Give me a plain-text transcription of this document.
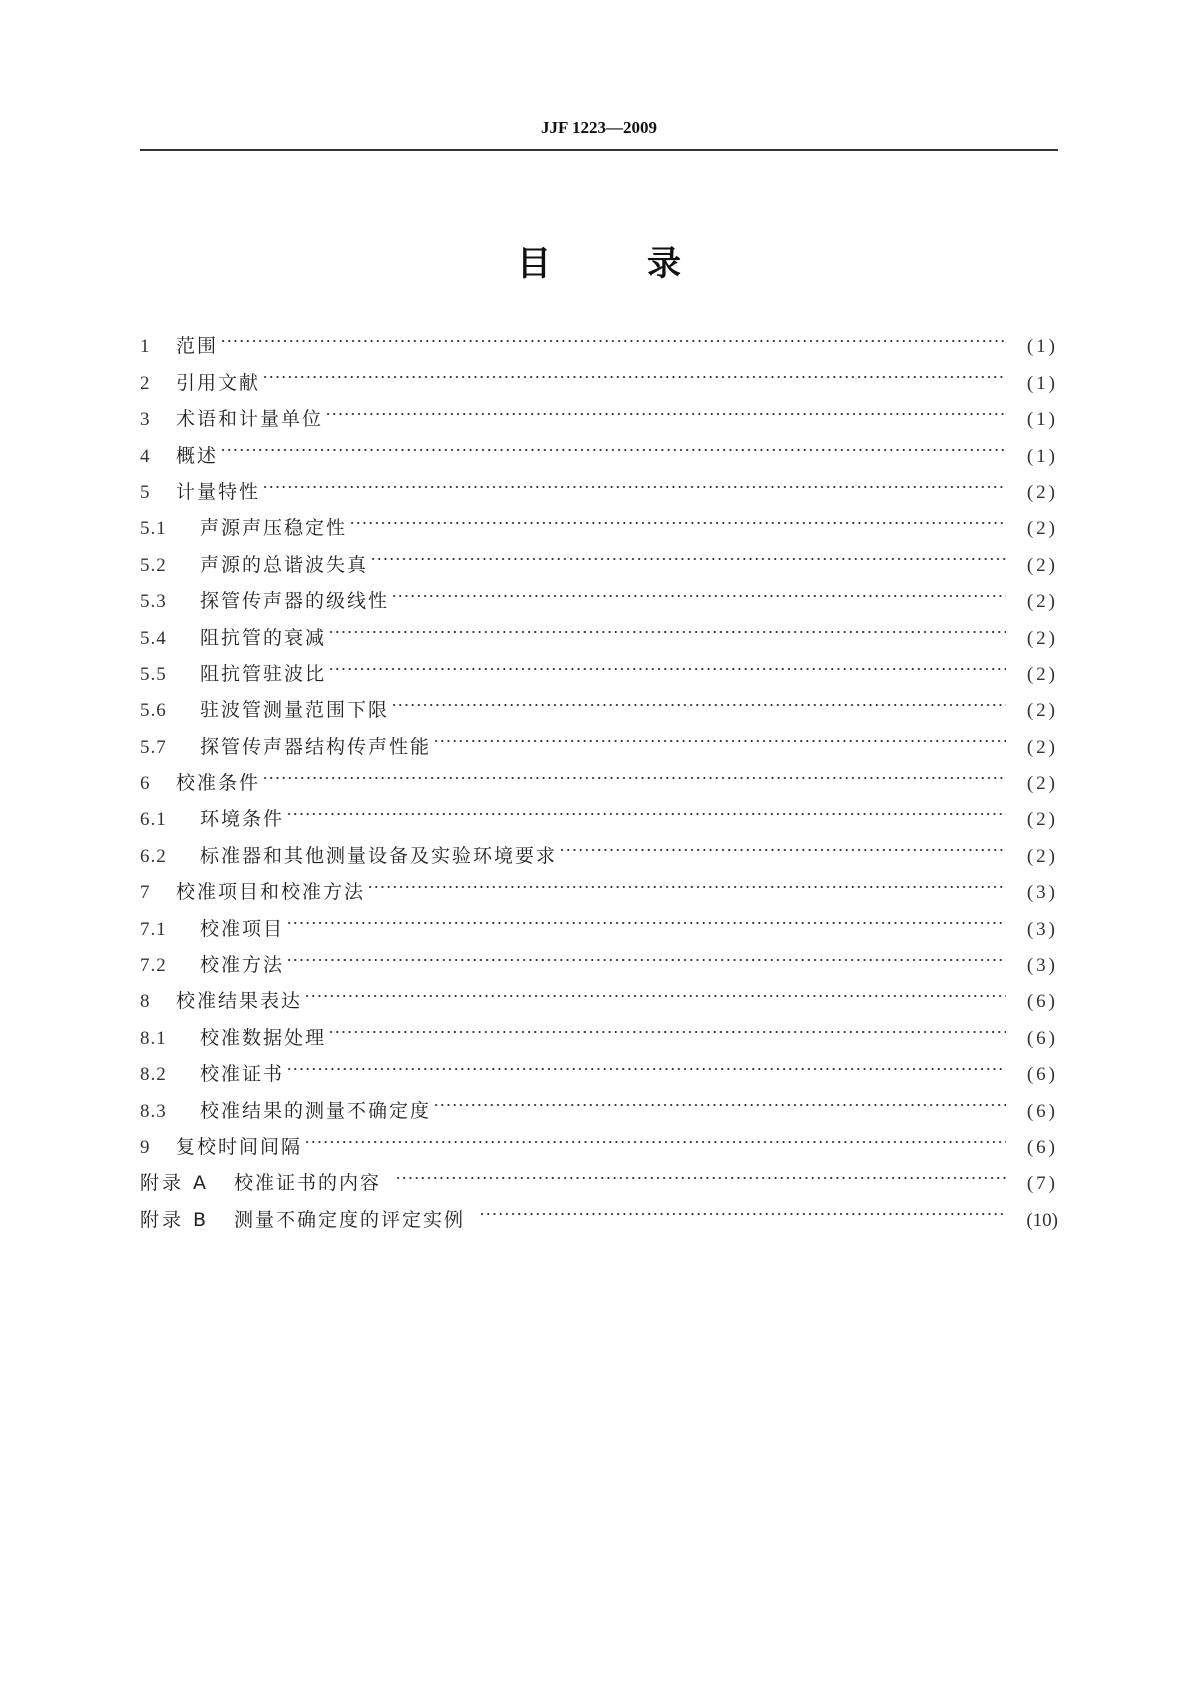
JJF 1223—2009
目	录
1	范围	(1)
2	引用文献	(1)
3	术语和计量单位	(1)
4	概述	(1)
5	计量特性	(2)
5.1	声源声压稳定性	(2)
5.2	声源的总谐波失真	(2)
5.3	探管传声器的级线性	(2)
5.4	阻抗管的衰减	(2)
5.5	阻抗管驻波比	(2)
5.6	驻波管测量范围下限	(2)
5.7	探管传声器结构传声性能	(2)
6	校准条件	(2)
6.1	环境条件	(2)
6.2	标准器和其他测量设备及实验环境要求	(2)
7	校准项目和校准方法	(3)
7.1	校准项目	(3)
7.2	校准方法	(3)
8	校准结果表达	(6)
8.1	校准数据处理	(6)
8.2	校准证书	(6)
8.3	校准结果的测量不确定度	(6)
9	复校时间间隔	(6)
附录 A	校准证书的内容	(7)
附录 B	测量不确定度的评定实例	(10)
